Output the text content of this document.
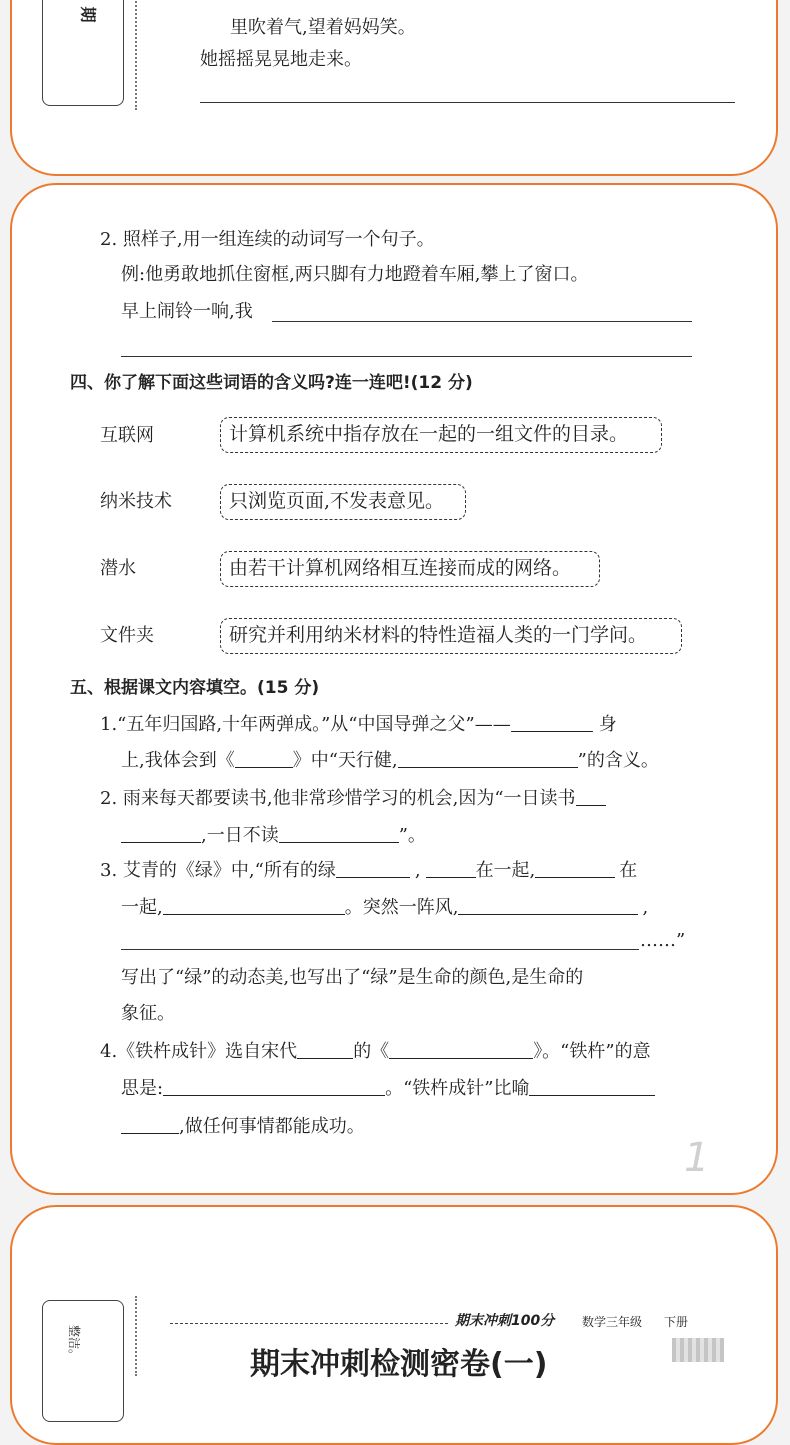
期
里吹着气,望着妈妈笑。
她摇摇晃晃地走来。
2. 照样子,用一组连续的动词写一个句子。
例:他勇敢地抓住窗框,两只脚有力地蹬着车厢,攀上了窗口。
早上闹铃一响,我
四、你了解下面这些词语的含义吗?连一连吧!(12 分)
互联网
纳米技术
潜水
文件夹
计算机系统中指存放在一起的一组文件的目录。
只浏览页面,不发表意见。
由若干计算机网络相互连接而成的网络。
研究并利用纳米材料的特性造福人类的一门学问。
五、根据课文内容填空。(15 分)
1.“五年归国路,十年两弹成。”从“中国导弹之父”——	身
上,我体会到《	》中“天行健,	”的含义。
2. 雨来每天都要读书,他非常珍惜学习的机会,因为“一日读书
,一日不读	”。
3. 艾青的《绿》中,“所有的绿	,	在一起,	在
一起,	。突然一阵风,	,
……”
写出了“绿”的动态美,也写出了“绿”是生命的颜色,是生命的
象征。
4.《铁杵成针》选自宋代	的《	》。“铁杵”的意
思是:	。“铁杵成针”比喻
,做任何事情都能成功。
1
整洁。
期末冲刺100分 数学三年级 下册
期末冲刺检测密卷(一)
